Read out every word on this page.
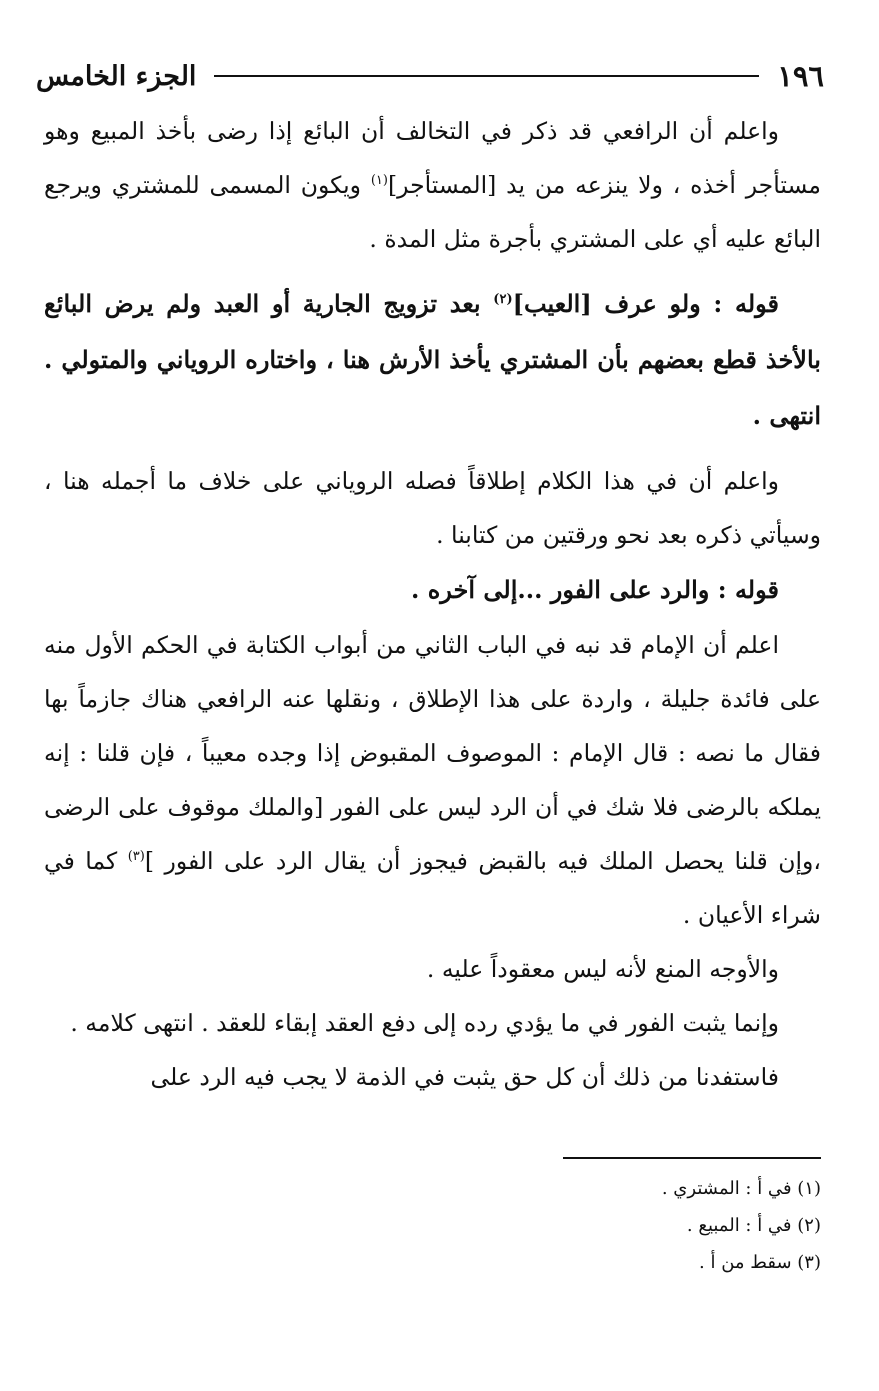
١٩٦
الجزء الخامس

واعلم أن الرافعي قد ذكر في التخالف أن البائع إذا رضى بأخذ المبيع وهو مستأجر أخذه ، ولا ينزعه من يد [المستأجر]$^{(١)}$ ويكون المسمى للمشتري ويرجع البائع عليه أي على المشتري بأجرة مثل المدة .

قوله : ولو عرف [العيب]$^{(٢)}$ بعد تزويج الجارية أو العبد ولم يرض البائع بالأخذ قطع بعضهم بأن المشتري يأخذ الأرش هنا ، واختاره الروياني والمتولي . انتهى .

واعلم أن في هذا الكلام إطلاقاً فصله الروياني على خلاف ما أجمله هنا ، وسيأتي ذكره بعد نحو ورقتين من كتابنا .

قوله : والرد على الفور ...إلى آخره .

اعلم أن الإمام قد نبه في الباب الثاني من أبواب الكتابة في الحكم الأول منه على فائدة جليلة ، واردة على هذا الإطلاق ، ونقلها عنه الرافعي هناك جازماً بها فقال ما نصه : قال الإمام : الموصوف المقبوض إذا وجده معيباً ، فإن قلنا : إنه يملكه بالرضى فلا شك في أن الرد ليس على الفور [والملك موقوف على الرضى ،وإن قلنا يحصل الملك فيه بالقبض فيجوز أن يقال الرد على الفور ]$^{(٣)}$ كما في شراء الأعيان .

والأوجه المنع لأنه ليس معقوداً عليه .

وإنما يثبت الفور في ما يؤدي رده إلى دفع العقد إبقاء للعقد . انتهى كلامه .

فاستفدنا من ذلك أن كل حق يثبت في الذمة لا يجب فيه الرد على

(١) في أ : المشتري .

(٢) في أ : المبيع .

(٣) سقط من أ .
